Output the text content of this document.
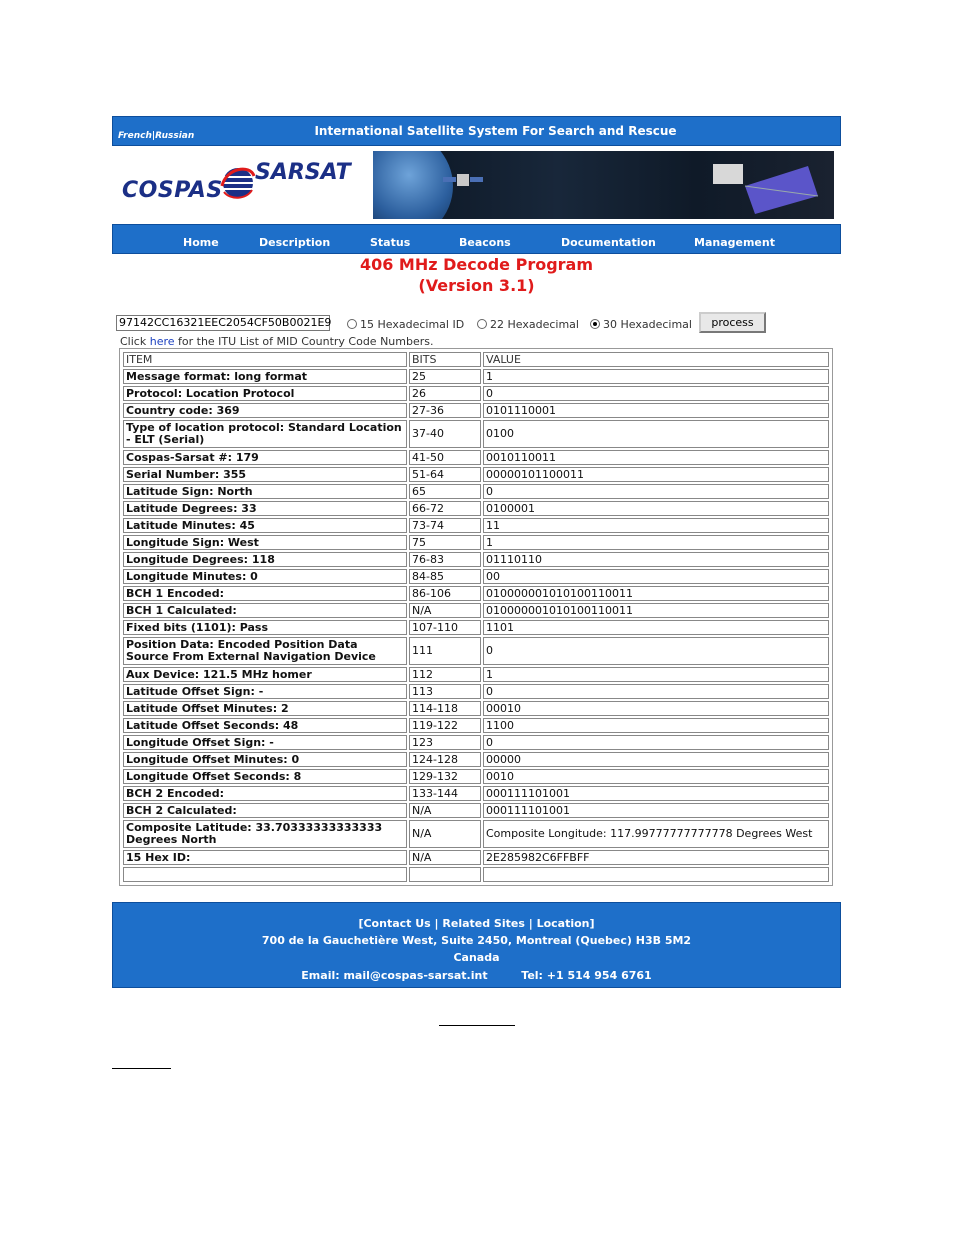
French|Russian	International Satellite System For Search and Rescue
COSPAS
SARSAT
Home	Description	Status	Beacons	Documentation	Management
406 MHz Decode Program
(Version 3.1)
97142CC16321EEC2054CF50B0021E9	15 Hexadecimal ID	22 Hexadecimal	30 Hexadecimal	process
Click here for the ITU List of MID Country Code Numbers.
ITEM	BITS	VALUE
Message format: long format	25	1
Protocol: Location Protocol	26	0
Country code: 369	27-36	0101110001
Type of location protocol: Standard Location - ELT (Serial)	37-40	0100
Cospas-Sarsat #: 179	41-50	0010110011
Serial Number: 355	51-64	00000101100011
Latitude Sign: North	65	0
Latitude Degrees: 33	66-72	0100001
Latitude Minutes: 45	73-74	11
Longitude Sign: West	75	1
Longitude Degrees: 118	76-83	01110110
Longitude Minutes: 0	84-85	00
BCH 1 Encoded:	86-106	010000001010100110011
BCH 1 Calculated:	N/A	010000001010100110011
Fixed bits (1101): Pass	107-110	1101
Position Data: Encoded Position Data Source From External Navigation Device	111	0
Aux Device: 121.5 MHz homer	112	1
Latitude Offset Sign: -	113	0
Latitude Offset Minutes: 2	114-118	00010
Latitude Offset Seconds: 48	119-122	1100
Longitude Offset Sign: -	123	0
Longitude Offset Minutes: 0	124-128	00000
Longitude Offset Seconds: 8	129-132	0010
BCH 2 Encoded:	133-144	000111101001
BCH 2 Calculated:	N/A	000111101001
Composite Latitude: 33.70333333333333 Degrees North	N/A	Composite Longitude: 117.99777777777778 Degrees West
15 Hex ID:	N/A	2E285982C6FFBFF

[Contact Us | Related Sites | Location]
700 de la Gauchetière West, Suite 2450, Montreal (Quebec) H3B 5M2
Canada
Email: mail@cospas-sarsat.int	Tel: +1 514 954 6761
